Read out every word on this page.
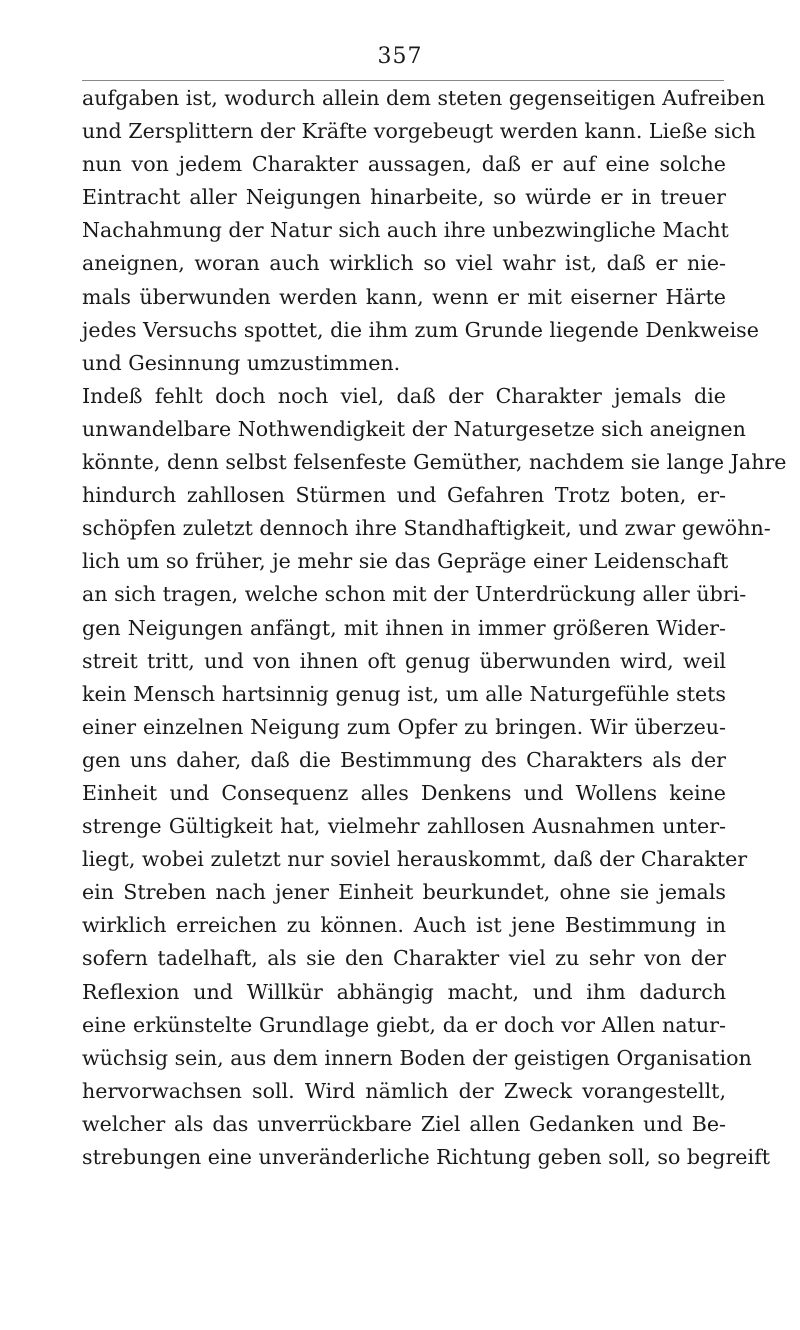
357
aufgaben ist, wodurch allein dem steten gegenseitigen Aufreiben
und Zersplittern der Kräfte vorgebeugt werden kann. Ließe sich
nun von jedem Charakter aussagen, daß er auf eine solche
Eintracht aller Neigungen hinarbeite, so würde er in treuer
Nachahmung der Natur sich auch ihre unbezwingliche Macht
aneignen, woran auch wirklich so viel wahr ist, daß er nie-
mals überwunden werden kann, wenn er mit eiserner Härte
jedes Versuchs spottet, die ihm zum Grunde liegende Denkweise
und Gesinnung umzustimmen.
Indeß fehlt doch noch viel, daß der Charakter jemals die
unwandelbare Nothwendigkeit der Naturgesetze sich aneignen
könnte, denn selbst felsenfeste Gemüther, nachdem sie lange Jahre
hindurch zahllosen Stürmen und Gefahren Trotz boten, er-
schöpfen zuletzt dennoch ihre Standhaftigkeit, und zwar gewöhn-
lich um so früher, je mehr sie das Gepräge einer Leidenschaft
an sich tragen, welche schon mit der Unterdrückung aller übri-
gen Neigungen anfängt, mit ihnen in immer größeren Wider-
streit tritt, und von ihnen oft genug überwunden wird, weil
kein Mensch hartsinnig genug ist, um alle Naturgefühle stets
einer einzelnen Neigung zum Opfer zu bringen. Wir überzeu-
gen uns daher, daß die Bestimmung des Charakters als der
Einheit und Consequenz alles Denkens und Wollens keine
strenge Gültigkeit hat, vielmehr zahllosen Ausnahmen unter-
liegt, wobei zuletzt nur soviel herauskommt, daß der Charakter
ein Streben nach jener Einheit beurkundet, ohne sie jemals
wirklich erreichen zu können. Auch ist jene Bestimmung in
sofern tadelhaft, als sie den Charakter viel zu sehr von der
Reflexion und Willkür abhängig macht, und ihm dadurch
eine erkünstelte Grundlage giebt, da er doch vor Allen natur-
wüchsig sein, aus dem innern Boden der geistigen Organisation
hervorwachsen soll. Wird nämlich der Zweck vorangestellt,
welcher als das unverrückbare Ziel allen Gedanken und Be-
strebungen eine unveränderliche Richtung geben soll, so begreift
